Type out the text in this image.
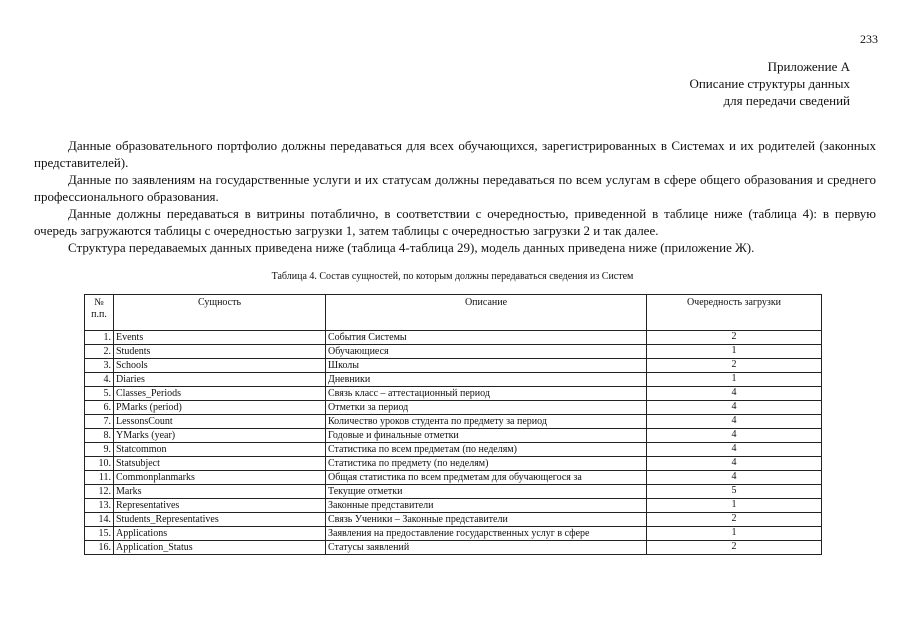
233
Приложение А
Описание структуры данных
для передачи сведений

Данные образовательного портфолио должны передаваться для всех обучающихся, зарегистрированных в Системах и их родителей (законных представителей).

Данные по заявлениям на государственные услуги и их статусам должны передаваться по всем услугам в сфере общего образования и среднего профессионального образования.

Данные должны передаваться в витрины потаблично, в соответствии с очередностью, приведенной в таблице ниже (таблица 4): в первую очередь загружаются таблицы с очередностью загрузки 1, затем таблицы с очередностью загрузки 2 и так далее.

Структура передаваемых данных приведена ниже (таблица 4-таблица 29), модель данных приведена ниже (приложение Ж).

Таблица 4. Состав сущностей, по которым должны передаваться сведения из Систем
№ п.п.	Сущность	Описание	Очередность загрузки
1.	Events	События Системы	2
2.	Students	Обучающиеся	1
3.	Schools	Школы	2
4.	Diaries	Дневники	1
5.	Classes_Periods	Связь класс – аттестационный период	4
6.	PMarks (period)	Отметки за период	4
7.	LessonsCount	Количество уроков студента по предмету за период	4
8.	YMarks (year)	Годовые и финальные отметки	4
9.	Statcommon	Статистика по всем предметам (по неделям)	4
10.	Statsubject	Статистика по предмету (по неделям)	4
11.	Commonplanmarks	Общая статистика по всем предметам для обучающегося за	4
12.	Marks	Текущие отметки	5
13.	Representatives	Законные представители	1
14.	Students_Representatives	Связь Ученики – Законные представители	2
15.	Applications	Заявления на предоставление государственных услуг в сфере	1
16.	Application_Status	Статусы заявлений	2
